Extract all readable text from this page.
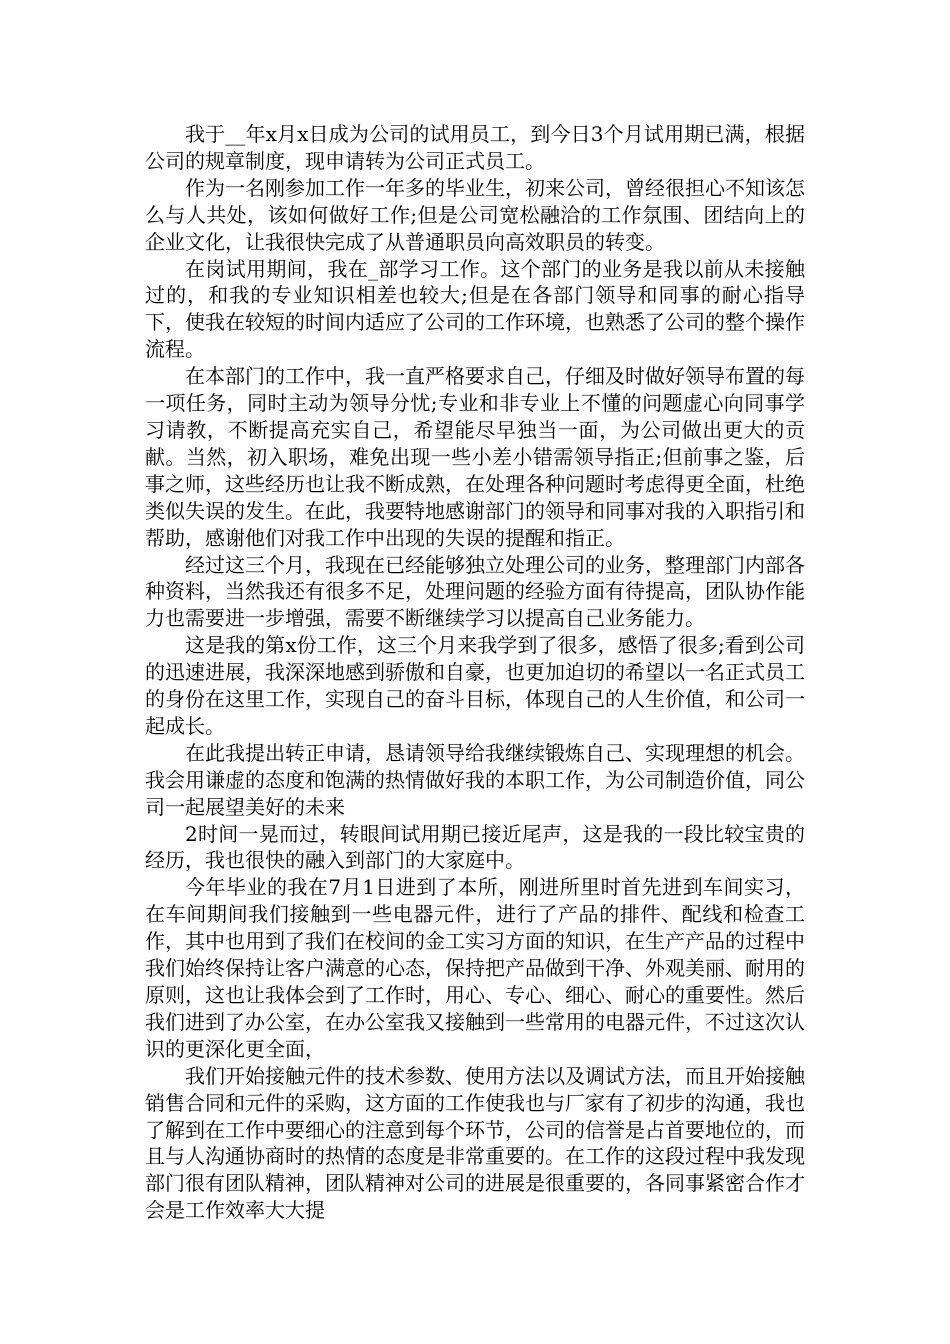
我于__年x月x日成为公司的试用员工，到今日3个月试用期已满，根据公司的规章制度，现申请转为公司正式员工。

作为一名刚参加工作一年多的毕业生，初来公司，曾经很担心不知该怎么与人共处，该如何做好工作;但是公司宽松融洽的工作氛围、团结向上的企业文化，让我很快完成了从普通职员向高效职员的转变。

在岗试用期间，我在_部学习工作。这个部门的业务是我以前从未接触过的，和我的专业知识相差也较大;但是在各部门领导和同事的耐心指导下，使我在较短的时间内适应了公司的工作环境，也熟悉了公司的整个操作流程。

在本部门的工作中，我一直严格要求自己，仔细及时做好领导布置的每一项任务，同时主动为领导分忧;专业和非专业上不懂的问题虚心向同事学习请教，不断提高充实自己，希望能尽早独当一面，为公司做出更大的贡献。当然，初入职场，难免出现一些小差小错需领导指正;但前事之鉴，后事之师，这些经历也让我不断成熟，在处理各种问题时考虑得更全面，杜绝类似失误的发生。在此，我要特地感谢部门的领导和同事对我的入职指引和帮助，感谢他们对我工作中出现的失误的提醒和指正。

经过这三个月，我现在已经能够独立处理公司的业务，整理部门内部各种资料，当然我还有很多不足，处理问题的经验方面有待提高，团队协作能力也需要进一步增强，需要不断继续学习以提高自己业务能力。

这是我的第x份工作，这三个月来我学到了很多，感悟了很多;看到公司的迅速进展，我深深地感到骄傲和自豪，也更加迫切的希望以一名正式员工的身份在这里工作，实现自己的奋斗目标，体现自己的人生价值，和公司一起成长。

在此我提出转正申请，恳请领导给我继续锻炼自己、实现理想的机会。我会用谦虚的态度和饱满的热情做好我的本职工作，为公司制造价值，同公司一起展望美好的未来

2时间一晃而过，转眼间试用期已接近尾声，这是我的一段比较宝贵的经历，我也很快的融入到部门的大家庭中。

今年毕业的我在7月1日进到了本所，刚进所里时首先进到车间实习，在车间期间我们接触到一些电器元件，进行了产品的排件、配线和检查工作，其中也用到了我们在校间的金工实习方面的知识，在生产产品的过程中我们始终保持让客户满意的心态，保持把产品做到干净、外观美丽、耐用的原则，这也让我体会到了工作时，用心、专心、细心、耐心的重要性。然后我们进到了办公室，在办公室我又接触到一些常用的电器元件，不过这次认识的更深化更全面，

我们开始接触元件的技术参数、使用方法以及调试方法，而且开始接触销售合同和元件的采购，这方面的工作使我也与厂家有了初步的沟通，我也了解到在工作中要细心的注意到每个环节，公司的信誉是占首要地位的，而且与人沟通协商时的热情的态度是非常重要的。在工作的这段过程中我发现部门很有团队精神，团队精神对公司的进展是很重要的，各同事紧密合作才会是工作效率大大提
